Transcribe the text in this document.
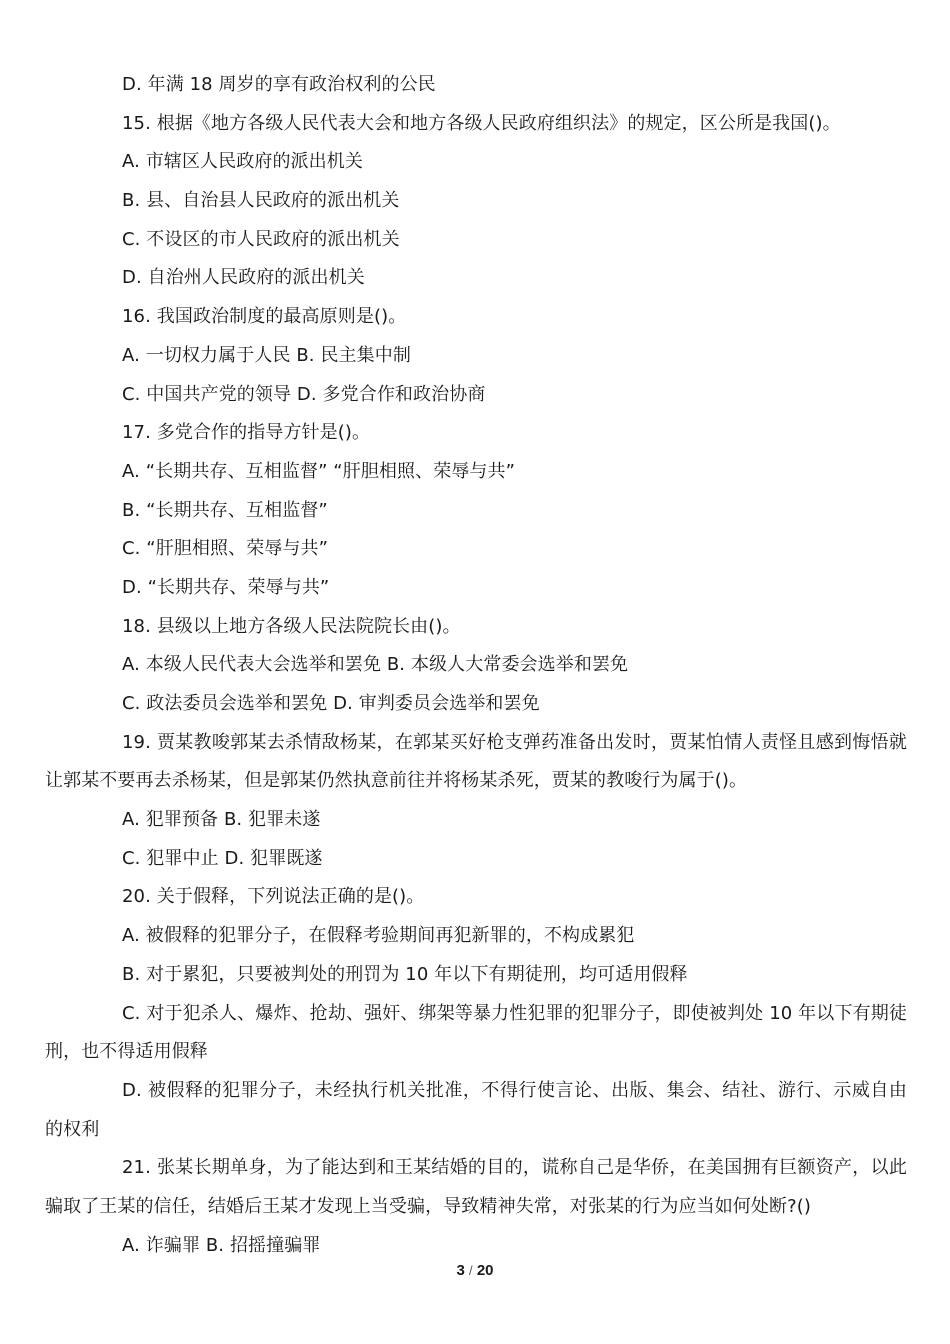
D. 年满 18 周岁的享有政治权利的公民
15. 根据《地方各级人民代表大会和地方各级人民政府组织法》的规定，区公所是我国()。
A. 市辖区人民政府的派出机关
B. 县、自治县人民政府的派出机关
C. 不设区的市人民政府的派出机关
D. 自治州人民政府的派出机关
16. 我国政治制度的最高原则是()。
A. 一切权力属于人民 B. 民主集中制
C. 中国共产党的领导 D. 多党合作和政治协商
17. 多党合作的指导方针是()。
A. “长期共存、互相监督” “肝胆相照、荣辱与共”
B. “长期共存、互相监督”
C. “肝胆相照、荣辱与共”
D. “长期共存、荣辱与共”
18. 县级以上地方各级人民法院院长由()。
A. 本级人民代表大会选举和罢免 B. 本级人大常委会选举和罢免
C. 政法委员会选举和罢免 D. 审判委员会选举和罢免
19. 贾某教唆郭某去杀情敌杨某，在郭某买好枪支弹药准备出发时，贾某怕情人责怪且感到悔悟就让郭某不要再去杀杨某，但是郭某仍然执意前往并将杨某杀死，贾某的教唆行为属于()。
A. 犯罪预备 B. 犯罪未遂
C. 犯罪中止 D. 犯罪既遂
20. 关于假释，下列说法正确的是()。
A. 被假释的犯罪分子，在假释考验期间再犯新罪的，不构成累犯
B. 对于累犯，只要被判处的刑罚为 10 年以下有期徒刑，均可适用假释
C. 对于犯杀人、爆炸、抢劫、强奸、绑架等暴力性犯罪的犯罪分子，即使被判处 10 年以下有期徒刑，也不得适用假释
D. 被假释的犯罪分子，未经执行机关批准，不得行使言论、出版、集会、结社、游行、示威自由的权利
21. 张某长期单身，为了能达到和王某结婚的目的，谎称自己是华侨，在美国拥有巨额资产，以此骗取了王某的信任，结婚后王某才发现上当受骗，导致精神失常，对张某的行为应当如何处断?()
A. 诈骗罪 B. 招摇撞骗罪
3 / 20
